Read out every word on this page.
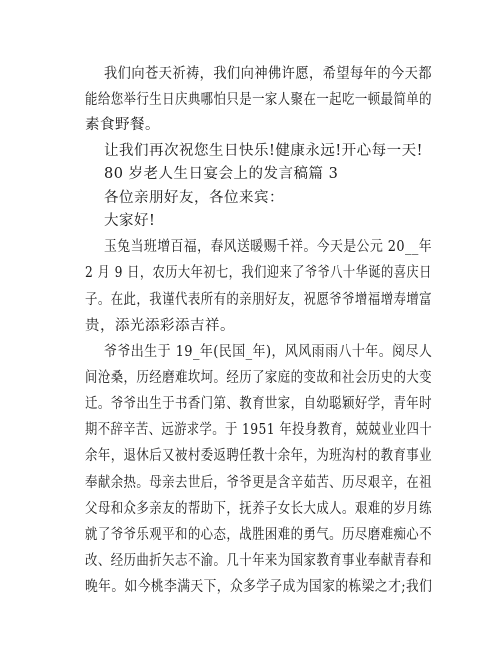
我们向苍天祈祷，我们向神佛许愿，希望每年的今天都
能给您举行生日庆典哪怕只是一家人聚在一起吃一顿最简单的
素食野餐。
让我们再次祝您生日快乐!健康永远!开心每一天!
80 岁老人生日宴会上的发言稿篇 3
各位亲朋好友，各位来宾：
大家好!
玉兔当班增百福，春风送暖赐千祥。今天是公元 20__年
2 月 9 日，农历大年初七，我们迎来了爷爷八十华诞的喜庆日
子。在此，我谨代表所有的亲朋好友，祝愿爷爷增福增寿增富
贵，添光添彩添吉祥。
爷爷出生于 19_年(民国_年)，风风雨雨八十年。阅尽人
间沧桑，历经磨难坎坷。经历了家庭的变故和社会历史的大变
迁。爷爷出生于书香门第、教育世家，自幼聪颖好学，青年时
期不辞辛苦、远游求学。于 1951 年投身教育，兢兢业业四十
余年，退休后又被村委返聘任教十余年，为班沟村的教育事业
奉献余热。母亲去世后，爷爷更是含辛茹苦、历尽艰辛，在祖
父母和众多亲友的帮助下，抚养子女长大成人。艰难的岁月练
就了爷爷乐观平和的心态，战胜困难的勇气。历尽磨难痴心不
改、经历曲折矢志不渝。几十年来为国家教育事业奉献青春和
晚年。如今桃李满天下，众多学子成为国家的栋梁之才;我们
